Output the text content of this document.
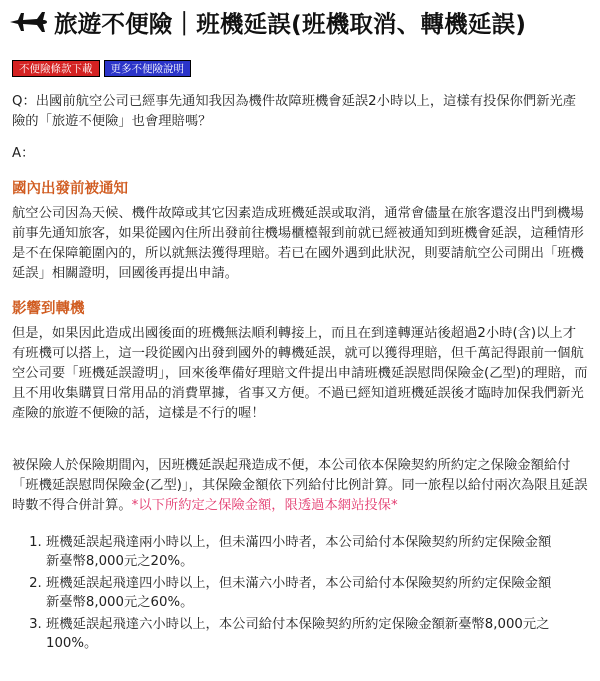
旅遊不便險｜班機延誤(班機取消、轉機延誤)
不便險條款下載	更多不便險說明

Q：出國前航空公司已經事先通知我因為機件故障班機會延誤2小時以上，這樣有投保你們新光產險的「旅遊不便險」也會理賠嗎？

A：

國內出發前被通知

航空公司因為天候、機件故障或其它因素造成班機延誤或取消，通常會儘量在旅客還沒出門到機場前事先通知旅客，如果從國內住所出發前往機場櫃檯報到前就已經被通知到班機會延誤，這種情形是不在保障範圍內的，所以就無法獲得理賠。若已在國外遇到此狀況，則要請航空公司開出「班機延誤」相關證明，回國後再提出申請。

影響到轉機

但是，如果因此造成出國後面的班機無法順利轉接上，而且在到達轉運站後超過2小時(含)以上才有班機可以搭上，這一段從國內出發到國外的轉機延誤，就可以獲得理賠，但千萬記得跟前一個航空公司要「班機延誤證明」，回來後準備好理賠文件提出申請班機延誤慰問保險金(乙型)的理賠，而且不用收集購買日常用品的消費單據，省事又方便。不過已經知道班機延誤後才臨時加保我們新光產險的旅遊不便險的話，這樣是不行的喔！

被保險人於保險期間內，因班機延誤起飛造成不便，本公司依本保險契約所約定之保險金額給付「班機延誤慰問保險金(乙型)」，其保險金額依下列給付比例計算。同一旅程以給付兩次為限且延誤時數不得合併計算。*以下所約定之保險金額，限透過本網站投保*

1. 班機延誤起飛達兩小時以上，但未滿四小時者，本公司給付本保險契約所約定保險金額新臺幣8,000元之20%。
2. 班機延誤起飛達四小時以上，但未滿六小時者，本公司給付本保險契約所約定保險金額新臺幣8,000元之60%。
3. 班機延誤起飛達六小時以上，本公司給付本保險契約所約定保險金額新臺幣8,000元之100%。
